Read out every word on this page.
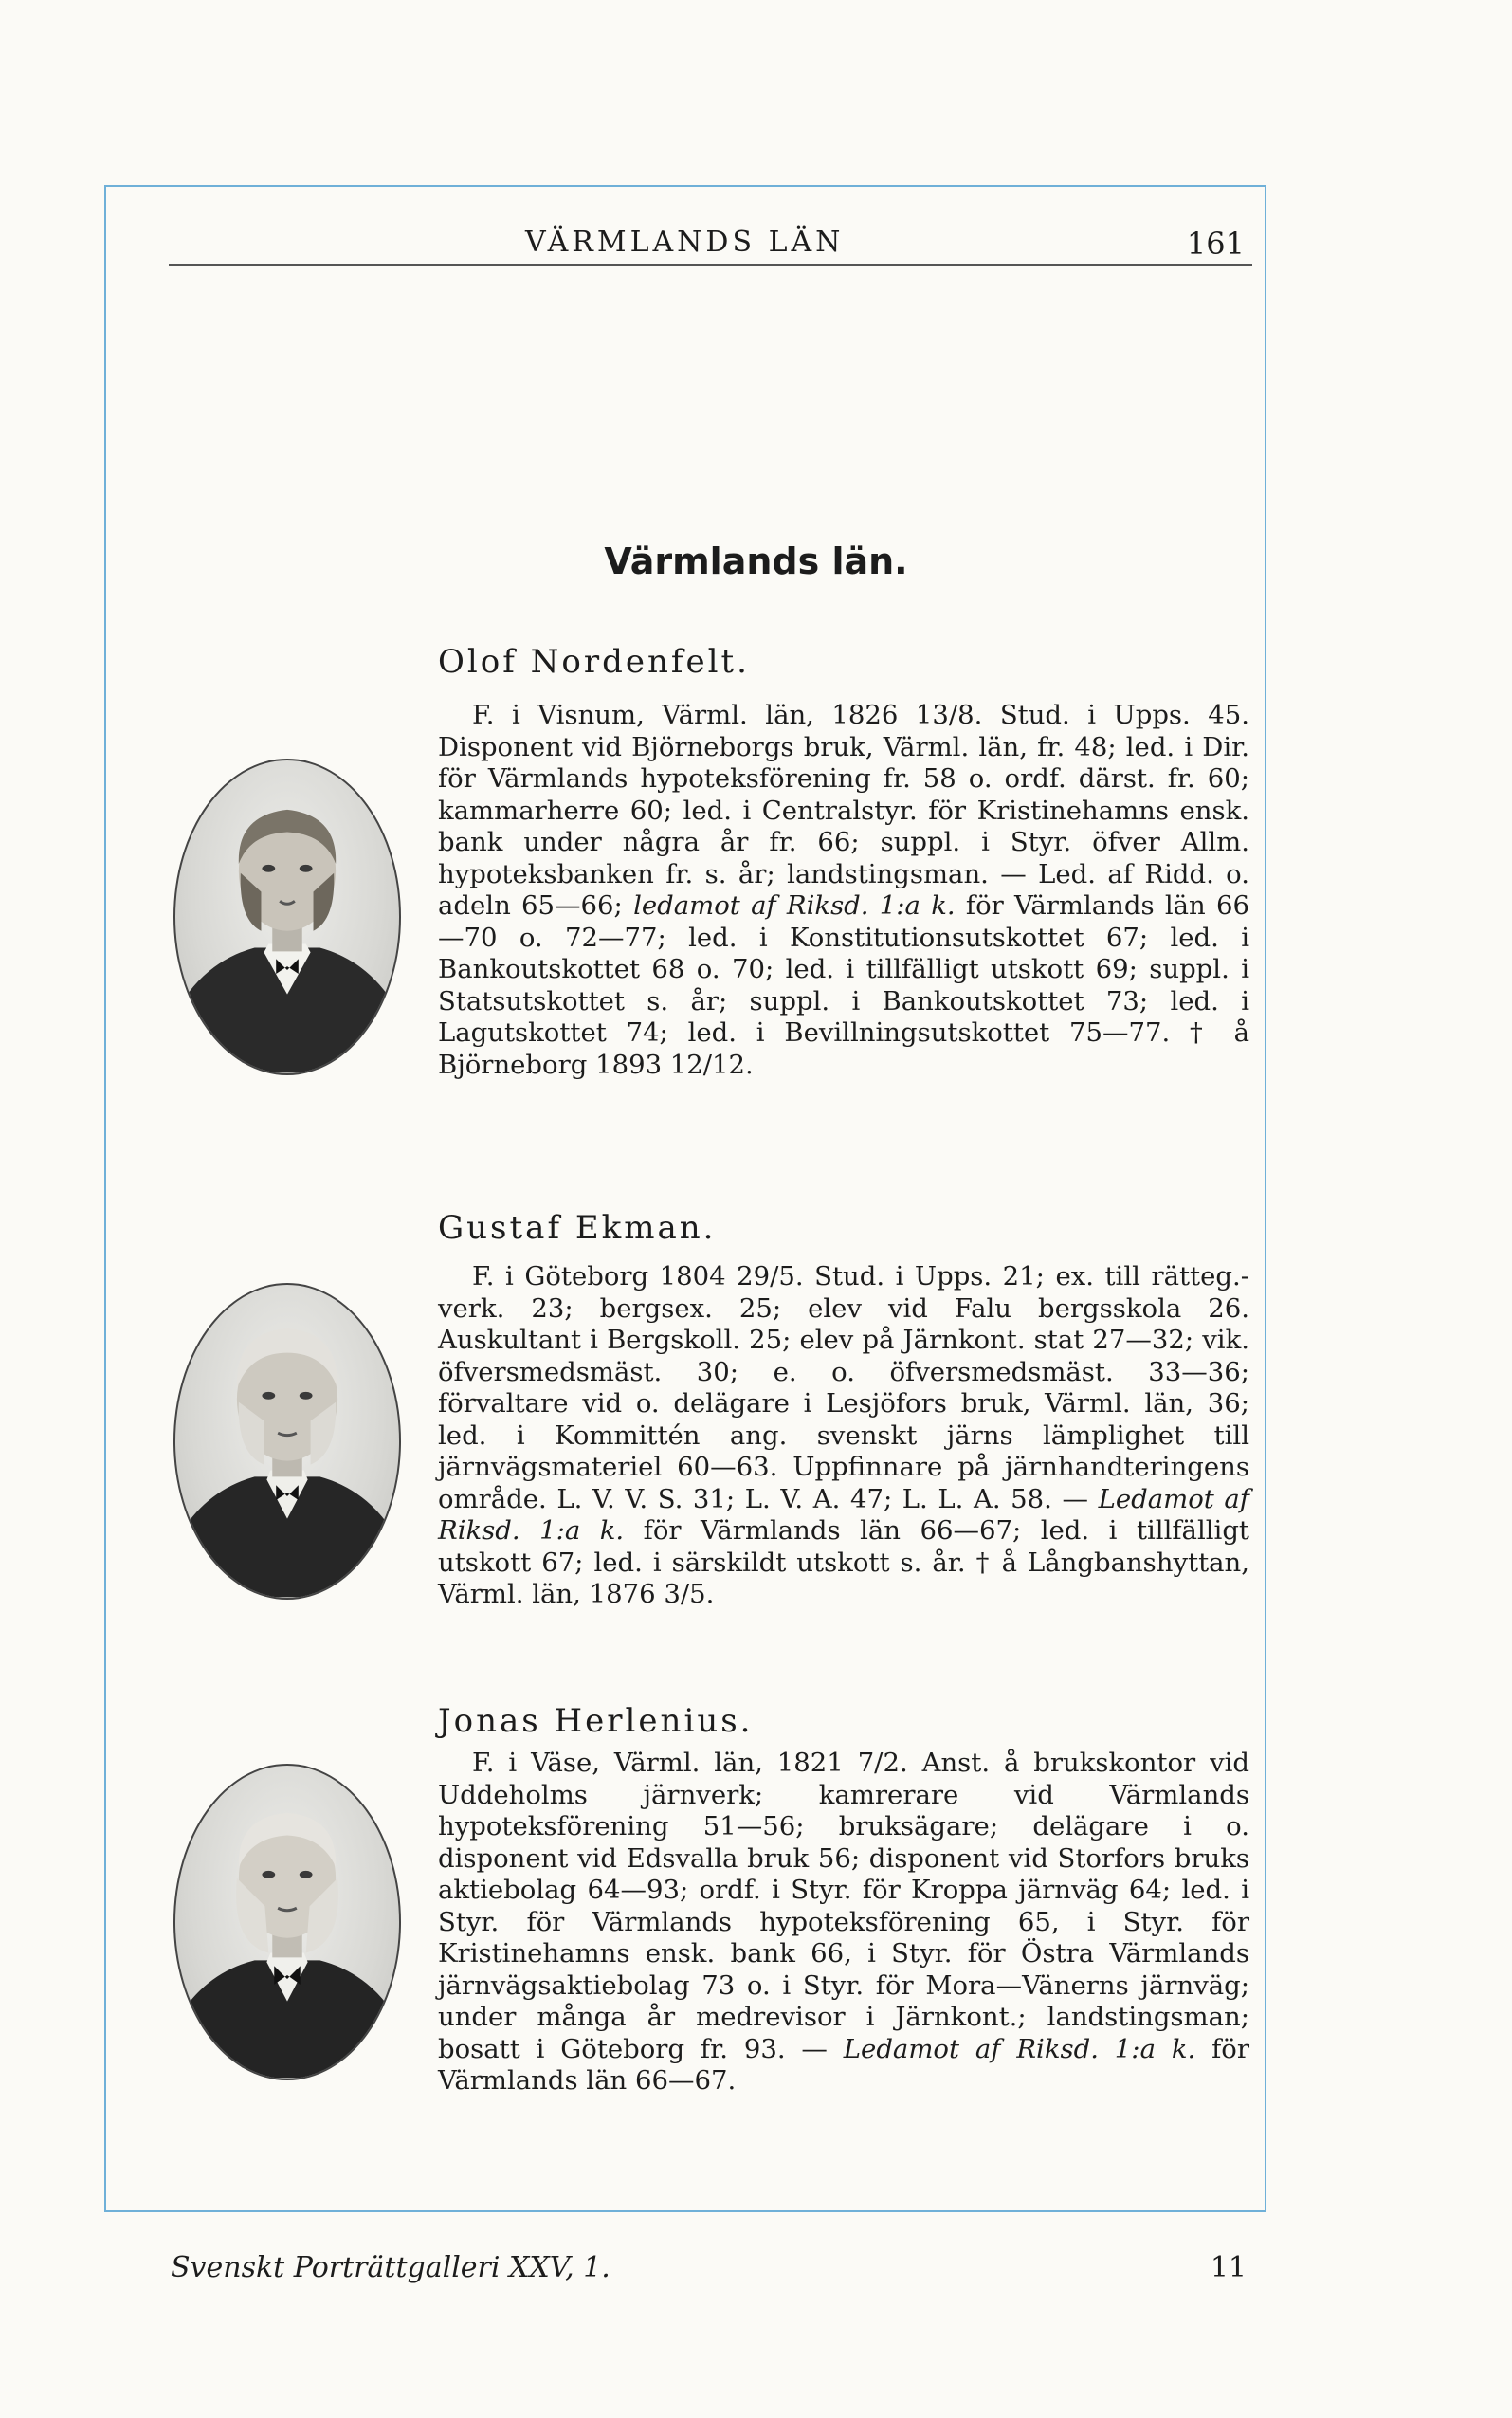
VÄRMLANDS LÄN	161
Värmlands län.
Olof Nordenfelt.

F. i Visnum, Värml. län, 1826 13/8. Stud. i Upps. 45. Disponent vid Björneborgs bruk, Värml. län, fr. 48; led. i Dir. för Värmlands hypoteksförening fr. 58 o. ordf. därst. fr. 60; kammarherre 60; led. i Centralstyr. för Kristinehamns ensk. bank under några år fr. 66; suppl. i Styr. öfver Allm. hypoteksbanken fr. s. år; landstingsman. — Led. af Ridd. o. adeln 65—66; ledamot af Riksd. 1:a k. för Värmlands län 66—70 o. 72—77; led. i Konstitutionsutskottet 67; led. i Bankoutskottet 68 o. 70; led. i tillfälligt utskott 69; suppl. i Statsutskottet s. år; suppl. i Bankoutskottet 73; led. i Lagutskottet 74; led. i Bevillningsutskottet 75—77. † å Björneborg 1893 12/12.

Gustaf Ekman.

F. i Göteborg 1804 29/5. Stud. i Upps. 21; ex. till rätteg.-verk. 23; bergsex. 25; elev vid Falu bergsskola 26. Auskultant i Bergskoll. 25; elev på Järnkont. stat 27—32; vik. öfversmedsmäst. 30; e. o. öfversmedsmäst. 33—36; förvaltare vid o. delägare i Lesjöfors bruk, Värml. län, 36; led. i Kommittén ang. svenskt järns lämplighet till järnvägsmateriel 60—63. Uppfinnare på järnhandteringens område. L. V. V. S. 31; L. V. A. 47; L. L. A. 58. — Ledamot af Riksd. 1:a k. för Värmlands län 66—67; led. i tillfälligt utskott 67; led. i särskildt utskott s. år. † å Långbanshyttan, Värml. län, 1876 3/5.

Jonas Herlenius.

F. i Väse, Värml. län, 1821 7/2. Anst. å brukskontor vid Uddeholms järnverk; kamrerare vid Värmlands hypoteksförening 51—56; bruksägare; delägare i o. disponent vid Edsvalla bruk 56; disponent vid Storfors bruks aktiebolag 64—93; ordf. i Styr. för Kroppa järnväg 64; led. i Styr. för Värmlands hypoteksförening 65, i Styr. för Kristinehamns ensk. bank 66, i Styr. för Östra Värmlands järnvägsaktiebolag 73 o. i Styr. för Mora—Vänerns järnväg; under många år medrevisor i Järnkont.; landstingsman; bosatt i Göteborg fr. 93. — Ledamot af Riksd. 1:a k. för Värmlands län 66—67.

Svenskt Porträttgalleri XXV, 1.	11
